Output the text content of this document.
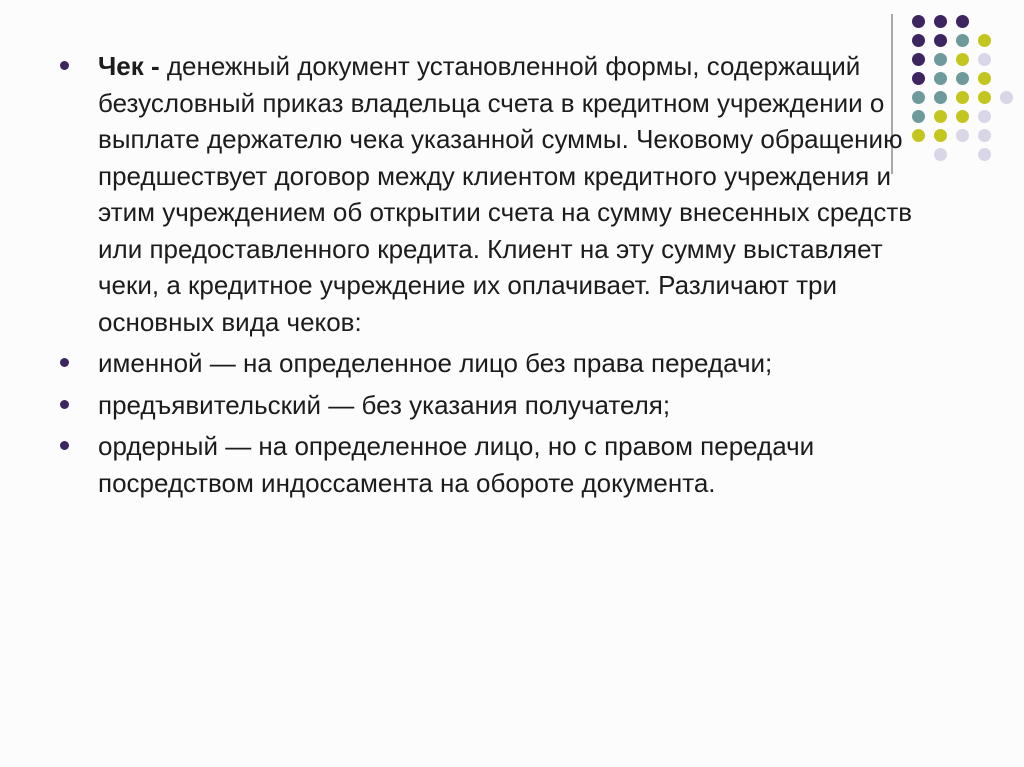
Чек - денежный документ установленной формы, содержащий безусловный приказ владельца счета в кредитном учреждении о выплате держателю чека указанной суммы. Чековому обращению предшествует договор между клиентом кредитного учреждения и этим учреждением об открытии счета на сумму внесенных средств или предоставленного кредита. Клиент на эту сумму выставляет чеки, а кредитное учреждение их оплачивает. Различают три основных вида чеков:
именной — на определенное лицо без права передачи;
предъявительский — без указания получателя;
ордерный — на определенное лицо, но с правом передачи посредством индоссамента на обороте документа.
